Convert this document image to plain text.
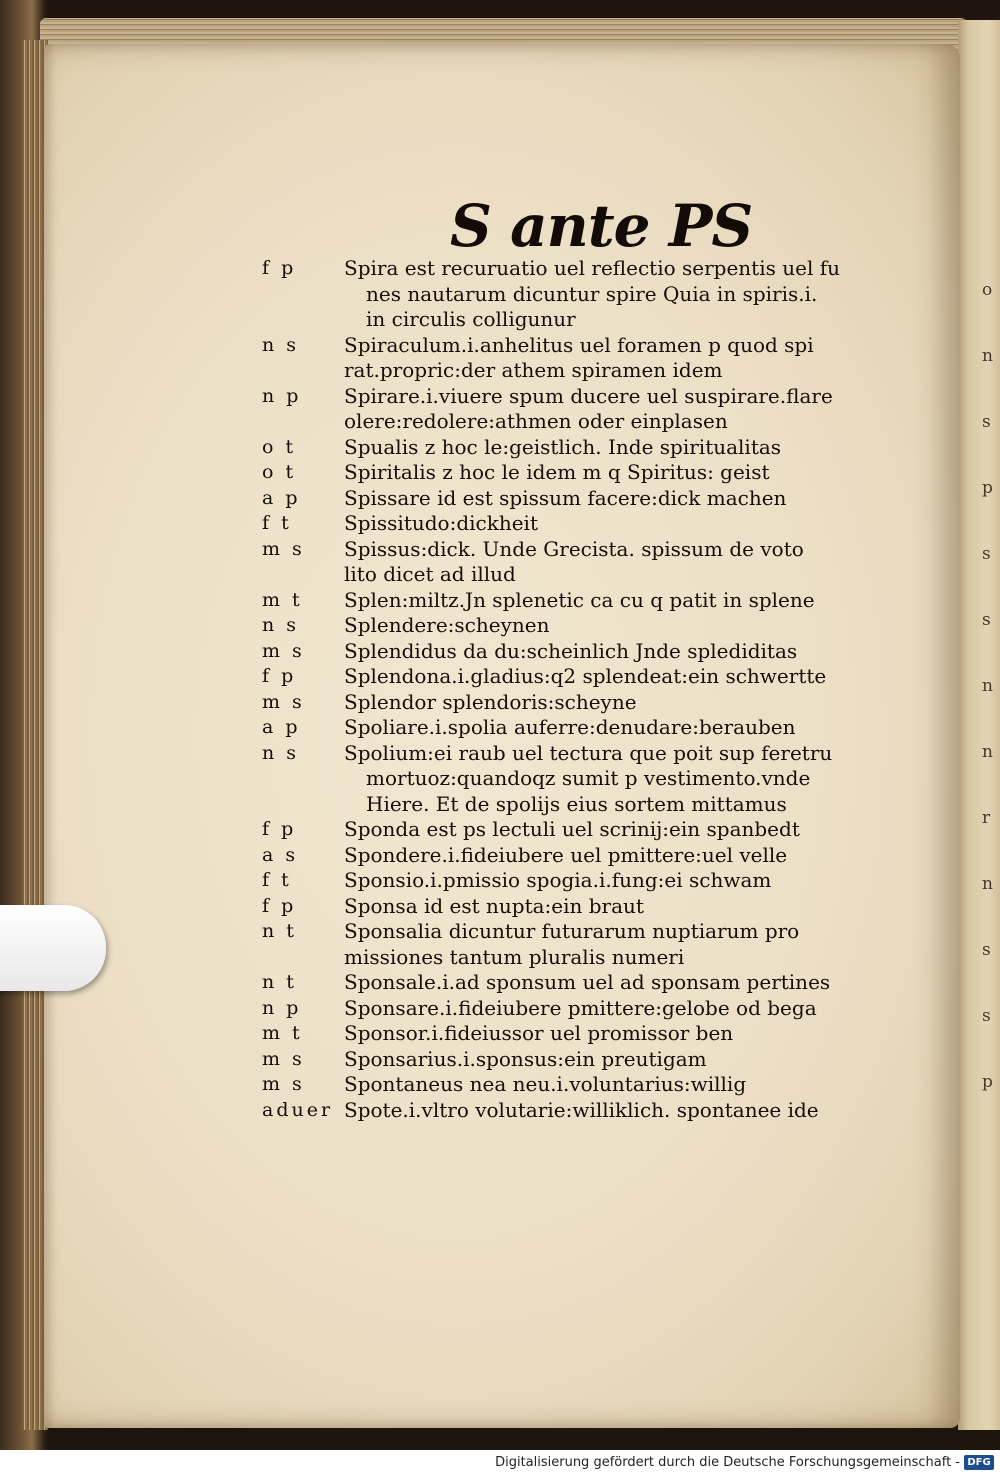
o
n
s
p
s
s
n
n
r
n
s
s
p
S ante PS
f p	Spira est recuruatio uel reflectio serpentis uel fu
nes nautarum dicuntur spire Quia in spiris.i.
in circulis colligunur
n s	Spiraculum.i.anhelitus uel foramen p quod spi
rat.propric:der athem spiramen idem
n p	Spirare.i.viuere spum ducere uel suspirare.flare
olere:redolere:athmen oder einplasen
o t	Spualis z hoc le:geistlich. Inde spiritualitas
o t	Spiritalis z hoc le idem m q Spiritus: geist
a p	Spissare id est spissum facere:dick machen
f t	Spissitudo:dickheit
m s	Spissus:dick. Unde Grecista. spissum de voto
lito dicet ad illud
m t	Splen:miltz.Jn splenetic ca cu q patit in splene
n s	Splendere:scheynen
m s	Splendidus da du:scheinlich Jnde splediditas
f p	Splendona.i.gladius:q2 splendeat:ein schwertte
m s	Splendor splendoris:scheyne
a p	Spoliare.i.spolia auferre:denudare:berauben
n s	Spolium:ei raub uel tectura que poit sup feretru
mortuoz:quandoqz sumit p vestimento.vnde
Hiere. Et de spolijs eius sortem mittamus
f p	Sponda est ps lectuli uel scrinij:ein spanbedt
a s	Spondere.i.fideiubere uel pmittere:uel velle
f t	Sponsio.i.pmissio spogia.i.fung:ei schwam
f p	Sponsa id est nupta:ein braut
n t	Sponsalia dicuntur futurarum nuptiarum pro
missiones tantum pluralis numeri
n t	Sponsale.i.ad sponsum uel ad sponsam pertines
n p	Sponsare.i.fideiubere pmittere:gelobe od bega
m t	Sponsor.i.fideiussor uel promissor ben
m s	Sponsarius.i.sponsus:ein preutigam
m s	Spontaneus nea neu.i.voluntarius:willig
aduer Spote.i.vltro volutarie:williklich. spontanee ide
Digitalisierung gefördert durch die Deutsche Forschungsgemeinschaft - DFG
